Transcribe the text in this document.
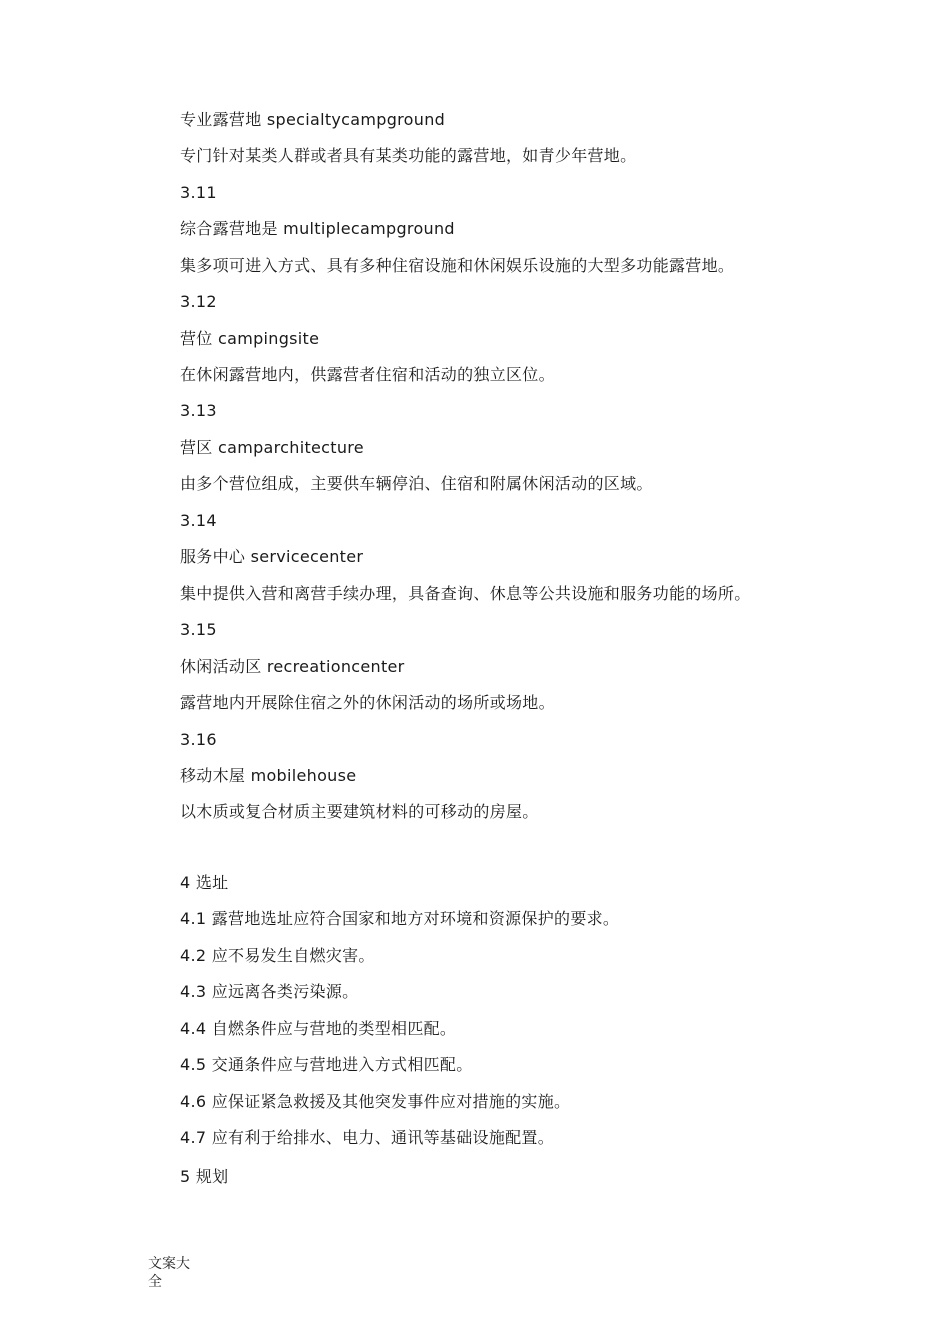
专业露营地 specialtycampground
专门针对某类人群或者具有某类功能的露营地，如青少年营地。
3.11
综合露营地是 multiplecampground
集多项可进入方式、具有多种住宿设施和休闲娱乐设施的大型多功能露营地。
3.12
营位 campingsite
在休闲露营地内，供露营者住宿和活动的独立区位。
3.13
营区 camparchitecture
由多个营位组成，主要供车辆停泊、住宿和附属休闲活动的区域。
3.14
服务中心 servicecenter
集中提供入营和离营手续办理，具备查询、休息等公共设施和服务功能的场所。
3.15
休闲活动区 recreationcenter
露营地内开展除住宿之外的休闲活动的场所或场地。
3.16
移动木屋 mobilehouse
以木质或复合材质主要建筑材料的可移动的房屋。
4 选址
4.1 露营地选址应符合国家和地方对环境和资源保护的要求。
4.2 应不易发生自燃灾害。
4.3 应远离各类污染源。
4.4 自燃条件应与营地的类型相匹配。
4.5 交通条件应与营地进入方式相匹配。
4.6 应保证紧急救援及其他突发事件应对措施的实施。
4.7 应有利于给排水、电力、通讯等基础设施配置。
5 规划
文案大全
